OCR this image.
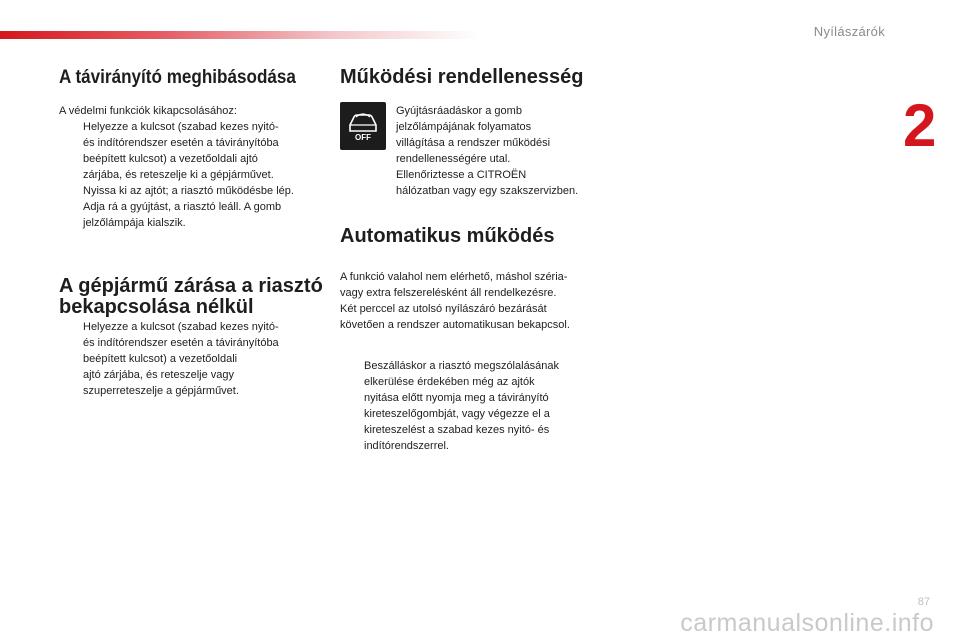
Nyílászárók
2
A távirányító meghibásodása

A védelmi funkciók kikapcsolásához:

Helyezze a kulcsot (szabad kezes nyitó-
és indítórendszer esetén a távirányítóba
beépített kulcsot) a vezetőoldali ajtó
zárjába, és reteszelje ki a gépjárművet.
Nyissa ki az ajtót; a riasztó működésbe lép.
Adja rá a gyújtást, a riasztó leáll. A gomb
jelzőlámpája kialszik.
A gépjármű zárása a riasztó
bekapcsolása nélkül
Helyezze a kulcsot (szabad kezes nyitó-
és indítórendszer esetén a távirányítóba
beépített kulcsot) a vezetőoldali
ajtó zárjába, és reteszelje vagy
szuperreteszelje a gépjárművet.
Működési rendellenesség
OFF

Gyújtásráadáskor a gomb
jelzőlámpájának folyamatos
villágítása a rendszer működési
rendellenességére utal.
Ellenőriztesse a CITROËN
hálózatban vagy egy szakszervizben.

Automatikus működés

A funkció valahol nem elérhető, máshol széria-
vagy extra felszerelésként áll rendelkezésre.
Két perccel az utolsó nyílászáró bezárását
követően a rendszer automatikusan bekapcsol.

Beszálláskor a riasztó megszólalásának
elkerülése érdekében még az ajtók
nyitása előtt nyomja meg a távirányító
kireteszelőgombját, vagy végezze el a
kireteszelést a szabad kezes nyitó- és
indítórendszerrel.
87
carmanualsonline.info
